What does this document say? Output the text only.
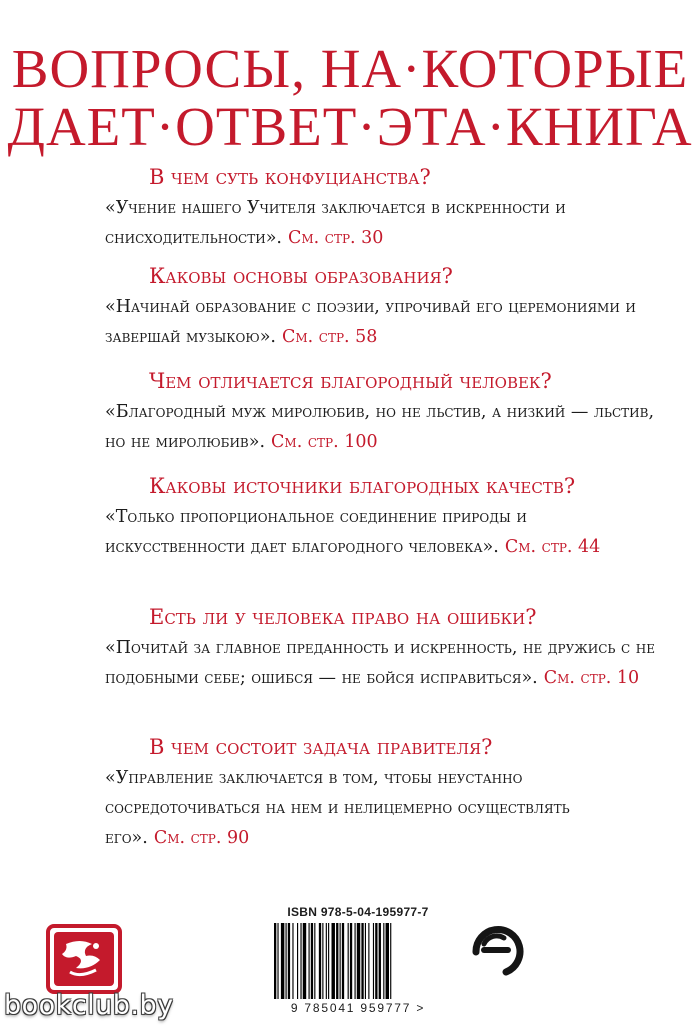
ВОПРОСЫ, НА·КОТОРЫЕ
ДАЕТ·ОТВЕТ·ЭТА·КНИГА
В чем суть конфуцианства?
«Учение нашего Учителя заключается в искренности и снисходительности». См. стр. 30
Каковы основы образования?
«Начинай образование с поэзии, упрочивай его церемониями и завершай музыкою». См. стр. 58
Чем отличается благородный человек?
«Благородный муж миролюбив, но не льстив, а низкий — льстив, но не миролюбив». См. стр. 100
Каковы источники благородных качеств?
«Только пропорциональное соединение природы и искусственности дает благородного человека». См. стр. 44
Есть ли у человека право на ошибки?
«Почитай за главное преданность и искренность, не дружись с не подобными себе; ошибся — не бойся исправиться». См. стр. 10
В чем состоит задача правителя?
«Управление заключается в том, чтобы неустанно сосредоточиваться на нем и нелицемерно осуществлять его». См. стр. 90
ISBN 978-5-04-195977-7
9 785041 959777 >
bookclub.by
